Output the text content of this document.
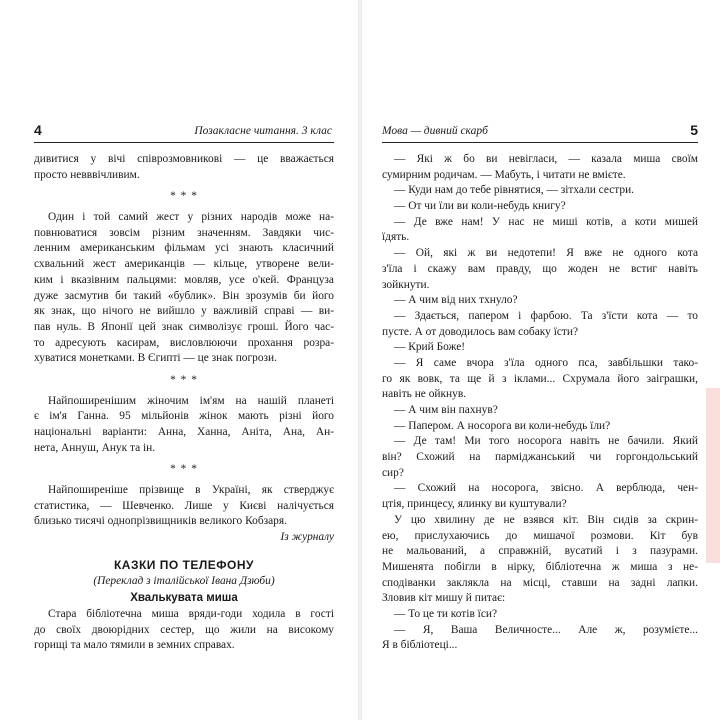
4	Позакласне читання. 3 клас
дивитися у вічі співрозмовникові — це вважається
просто невввічливим.
* * *
Один і той самий жест у різних народів може на-
повнюватися зовсім різним значенням. Завдяки чис-
ленним американським фільмам усі знають класичний
схвальний жест американців — кільце, утворене вели-
ким і вказівним пальцями: мовляв, усе о'кей. Француза
дуже засмутив би такий «бублик». Він зрозумів би його
як знак, що нічого не вийшло у важливій справі — ви-
пав нуль. В Японії цей знак символізує гроші. Його час-
то адресують касирам, висловлюючи прохання розра-
хуватися монетками. В Єгипті — це знак погрози.
* * *
Найпоширенішим жіночим ім'ям на нашій планеті
є ім'я Ганна. 95 мільйонів жінок мають різні його
національні варіанти: Анна, Ханна, Аніта, Ана, Ан-
нета, Аннуш, Анук та ін.
* * *
Найпоширеніше прізвище в Україні, як стверджує
статистика, — Шевченко. Лише у Києві налічується
близько тисячі однопрізвищників великого Кобзаря.
Із журналу
КАЗКИ ПО ТЕЛЕФОНУ
(Переклад з італійської Івана Дзюби)
Хвалькувата миша
Стара бібліотечна миша вряди-годи ходила в гості
до своїх двоюрідних сестер, що жили на високому
горищі та мало тямили в земних справах.
Мова — дивний скарб	5
— Які ж бо ви невігласи, — казала миша своїм
сумирним родичам. — Мабуть, і читати не вмієте.
— Куди нам до тебе рівнятися, — зітхали сестри.
— От чи їли ви коли-небудь книгу?
— Де вже нам! У нас не миші котів, а коти мишей
їдять.
— Ой, які ж ви недотепи! Я вже не одного кота
з'їла і скажу вам правду, що жоден не встиг навіть
зойкнути.
— А чим від них тхнуло?
— Здається, папером і фарбою. Та з'їсти кота — то
пусте. А от доводилось вам собаку їсти?
— Крий Боже!
— Я саме вчора з'їла одного пса, завбільшки тако-
го як вовк, та ще й з іклами... Схрумала його заіграшки,
навіть не ойкнув.
— А чим він пахнув?
— Папером. А носорога ви коли-небудь їли?
— Де там! Ми того носорога навіть не бачили. Який
він? Схожий на парміджанський чи горгондольський
сир?
— Схожий на носорога, звісно. А верблюда, чен-
цтія, принцесу, ялинку ви куштували?
У цю хвилину де не взявся кіт. Він сидів за скрин-
ею, прислухаючись до мишачої розмови. Кіт був
не мальований, а справжній, вусатий і з пазурами.
Мишенята побігли в нірку, бібліотечна ж миша з не-
сподіванки заклякла на місці, ставши на задні лапки.
Зловив кіт мишу й питає:
— То це ти котів їси?
— Я, Ваша Величносте... Але ж, розумієте...
Я в бібліотеці...
